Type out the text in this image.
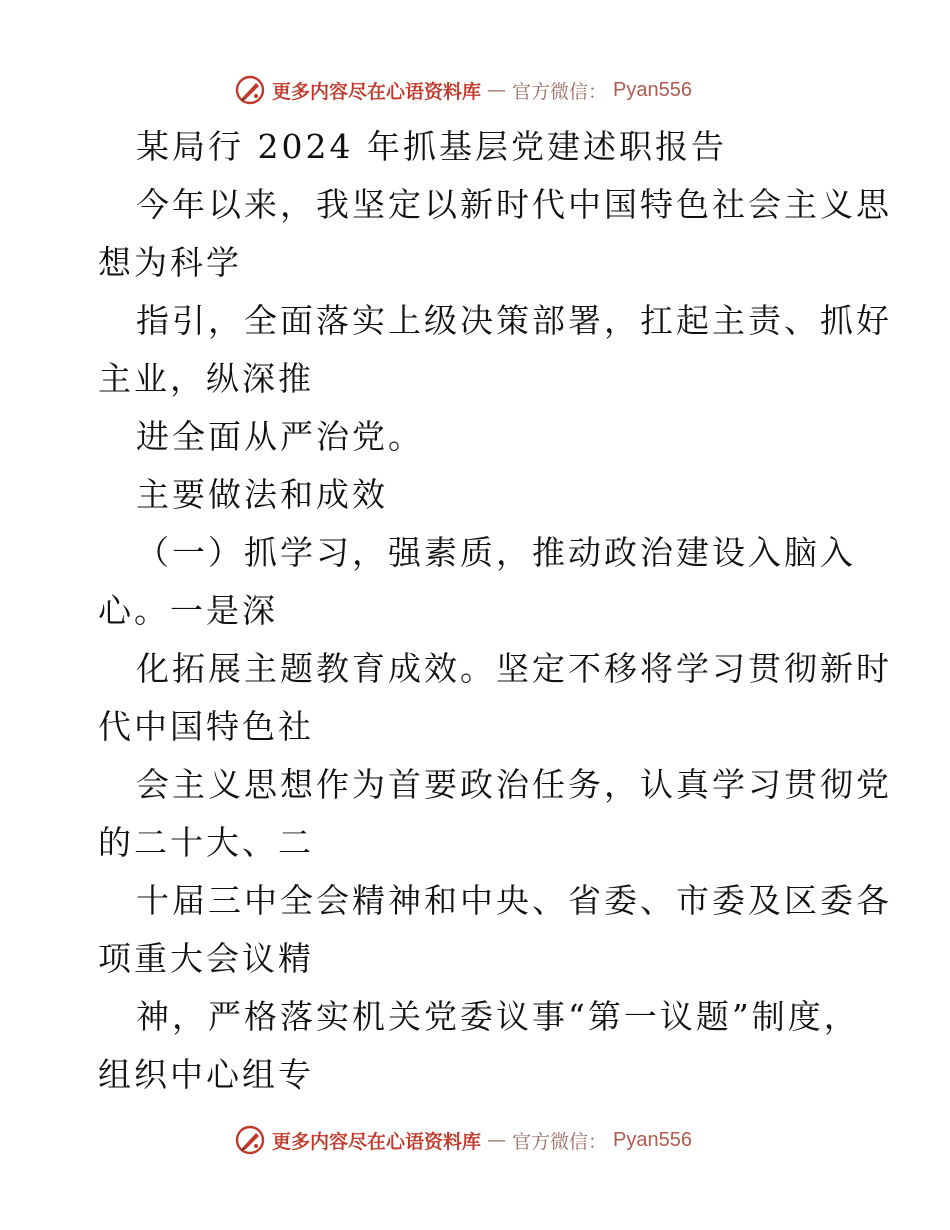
更多内容尽在心语资料库 — 官方微信： Pyan556
某局行 2024 年抓基层党建述职报告
今年以来，我坚定以新时代中国特色社会主义思
想为科学
指引，全面落实上级决策部署，扛起主责、抓好
主业，纵深推
进全面从严治党。
主要做法和成效
（一）抓学习，强素质，推动政治建设入脑入
心。一是深
化拓展主题教育成效。坚定不移将学习贯彻新时
代中国特色社
会主义思想作为首要政治任务，认真学习贯彻党
的二十大、二
十届三中全会精神和中央、省委、市委及区委各
项重大会议精
神，严格落实机关党委议事“第一议题”制度，
组织中心组专
更多内容尽在心语资料库 — 官方微信： Pyan556
